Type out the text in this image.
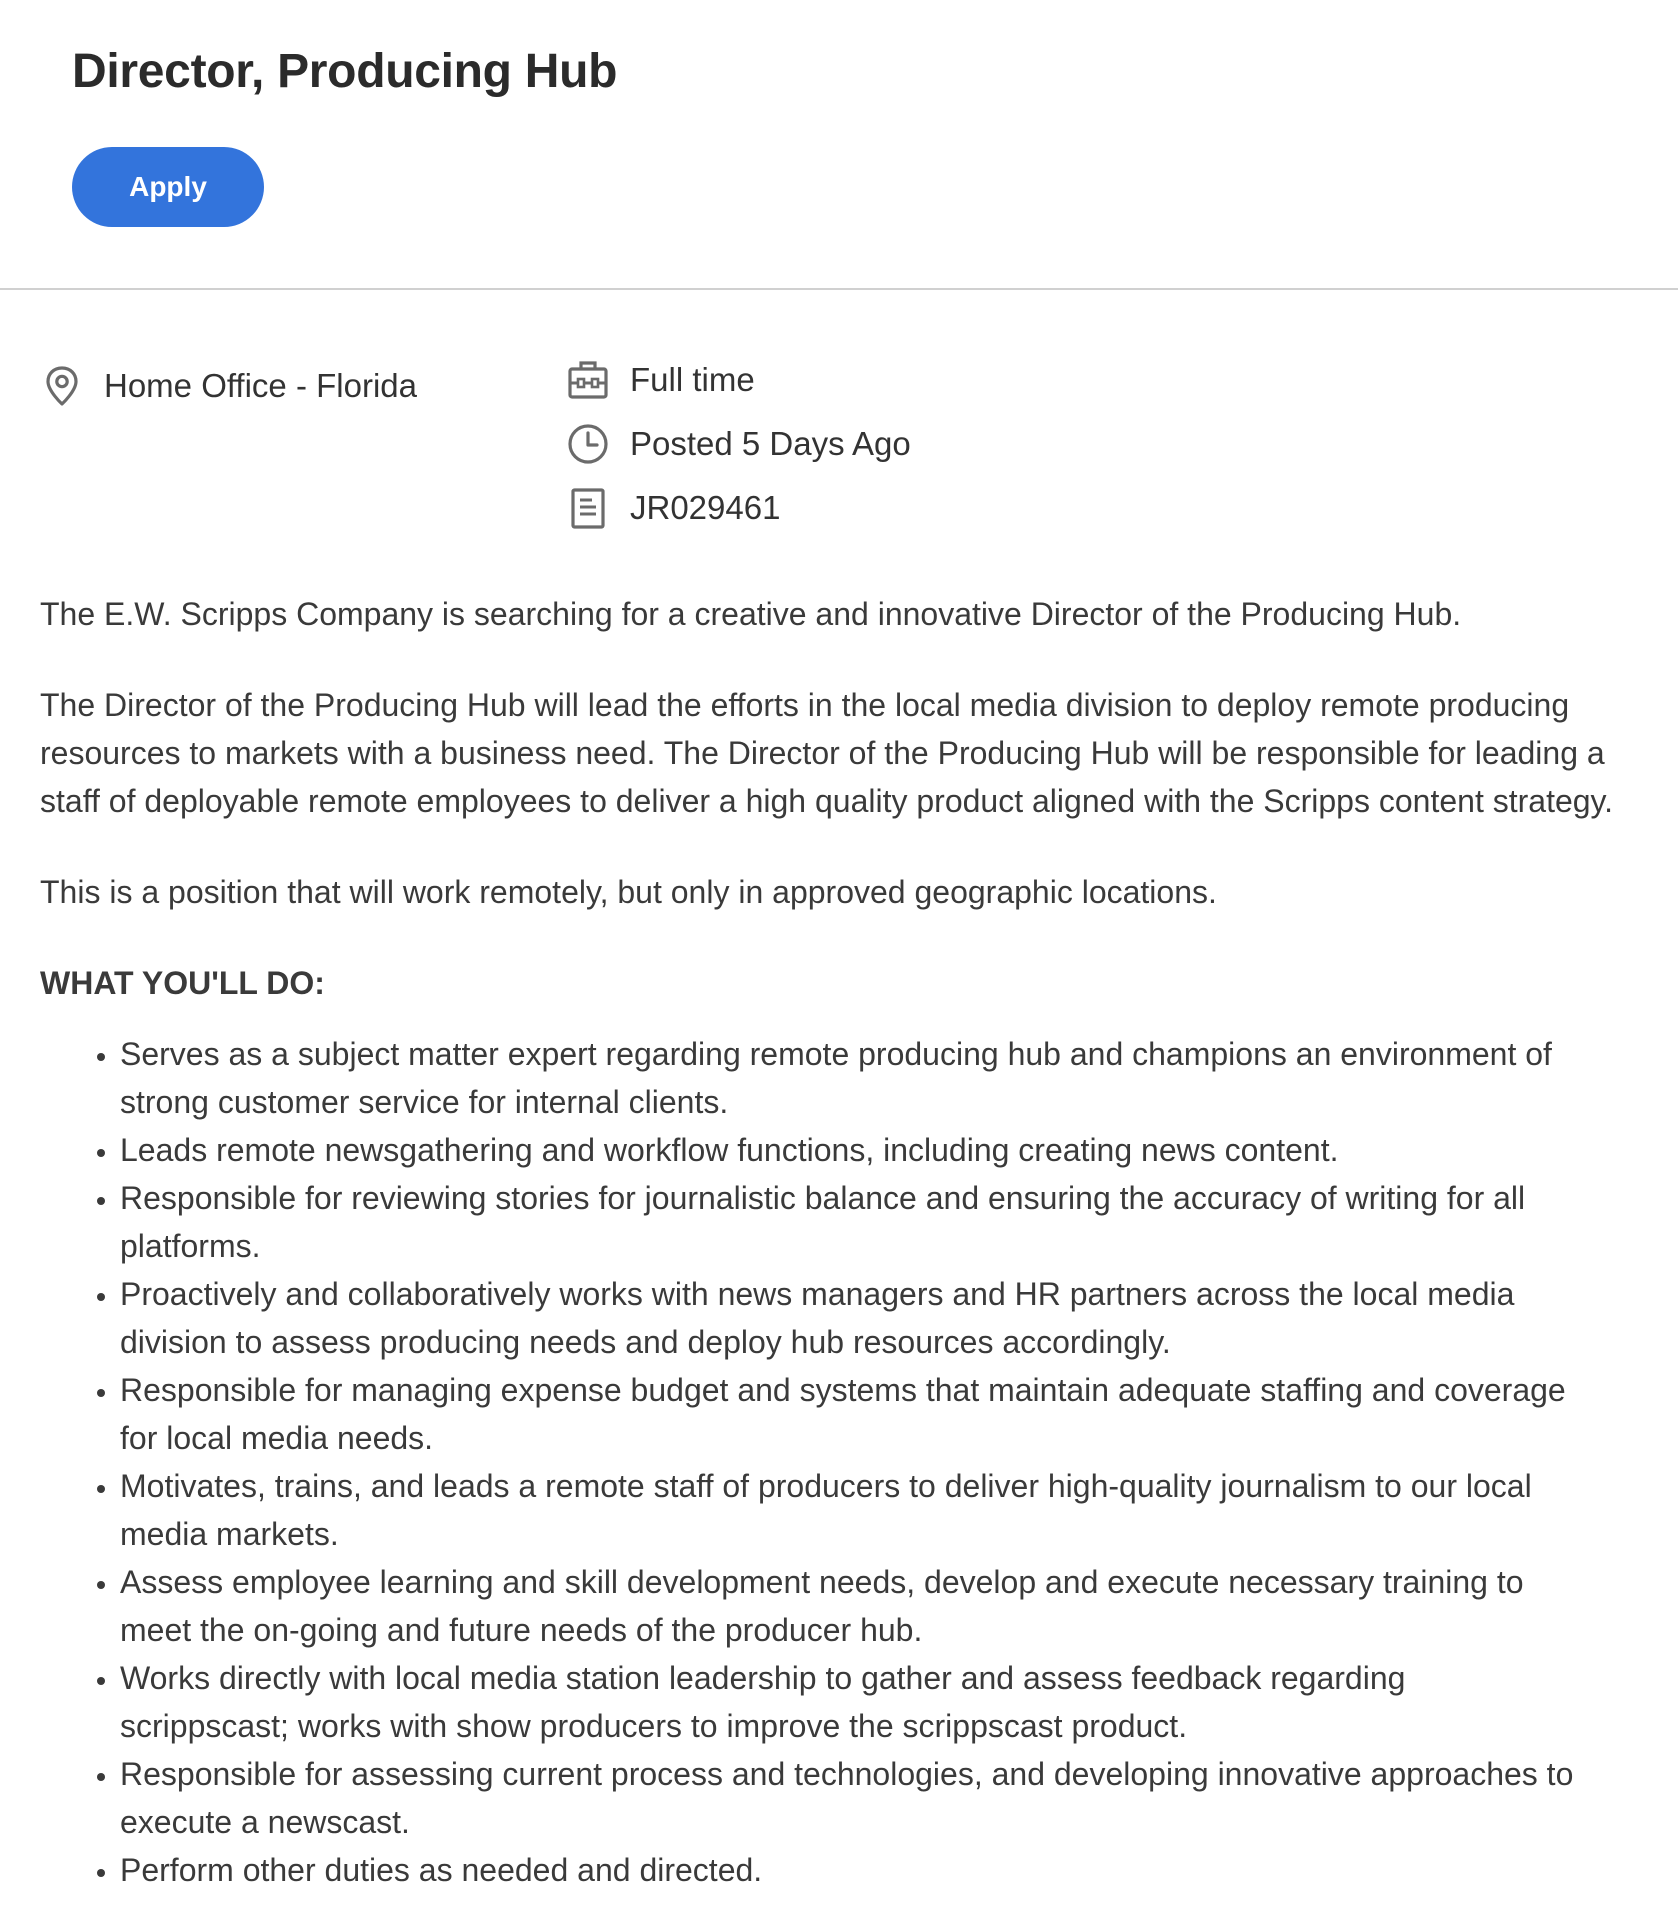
Director, Producing Hub
Apply
Home Office - Florida	Full time
Posted 5 Days Ago
JR029461

The E.W. Scripps Company is searching for a creative and innovative Director of the Producing Hub.

The Director of the Producing Hub will lead the efforts in the local media division to deploy remote producing resources to markets with a business need. The Director of the Producing Hub will be responsible for leading a staff of deployable remote employees to deliver a high quality product aligned with the Scripps content strategy.

This is a position that will work remotely, but only in approved geographic locations.

WHAT YOU'LL DO:
• Serves as a subject matter expert regarding remote producing hub and champions an environment of strong customer service for internal clients.
• Leads remote newsgathering and workflow functions, including creating news content.
• Responsible for reviewing stories for journalistic balance and ensuring the accuracy of writing for all platforms.
• Proactively and collaboratively works with news managers and HR partners across the local media division to assess producing needs and deploy hub resources accordingly.
• Responsible for managing expense budget and systems that maintain adequate staffing and coverage for local media needs.
• Motivates, trains, and leads a remote staff of producers to deliver high-quality journalism to our local media markets.
• Assess employee learning and skill development needs, develop and execute necessary training to meet the on-going and future needs of the producer hub.
• Works directly with local media station leadership to gather and assess feedback regarding scrippscast; works with show producers to improve the scrippscast product.
• Responsible for assessing current process and technologies, and developing innovative approaches to execute a newscast.
• Perform other duties as needed and directed.
